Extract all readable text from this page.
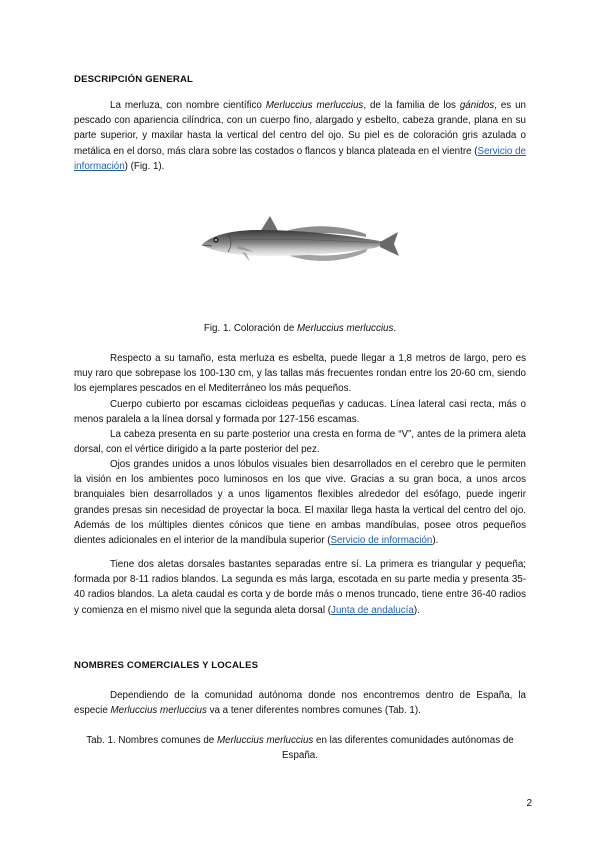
DESCRIPCIÓN GENERAL

La merluza, con nombre científico Merluccius merluccius, de la familia de los gánidos, es un pescado con apariencia cilíndrica, con un cuerpo fino, alargado y esbelto, cabeza grande, plana en su parte superior, y maxilar hasta la vertical del centro del ojo. Su piel es de coloración gris azulada o metálica en el dorso, más clara sobre las costados o flancos y blanca plateada en el vientre (Servicio de información) (Fig. 1).

Fig. 1. Coloración de Merluccius merluccius.

Respecto a su tamaño, esta merluza es esbelta, puede llegar a 1,8 metros de largo, pero es muy raro que sobrepase los 100-130 cm, y las tallas más frecuentes rondan entre los 20-60 cm, siendo los ejemplares pescados en el Mediterráneo los más pequeños.

Cuerpo cubierto por escamas cicloideas pequeñas y caducas. Línea lateral casi recta, más o menos paralela a la línea dorsal y formada por 127-156 escamas.

La cabeza presenta en su parte posterior una cresta en forma de “V”, antes de la primera aleta dorsal, con el vértice dirigido a la parte posterior del pez.

Ojos grandes unidos a unos lóbulos visuales bien desarrollados en el cerebro que le permiten la visión en los ambientes poco luminosos en los que vive. Gracias a su gran boca, a unos arcos branquiales bien desarrollados y a unos ligamentos flexibles alrededor del esófago, puede ingerir grandes presas sin necesidad de proyectar la boca. El maxilar llega hasta la vertical del centro del ojo. Además de los múltiples dientes cónicos que tiene en ambas mandíbulas, posee otros pequeños dientes adicionales en el interior de la mandíbula superior (Servicio de información).

Tiene dos aletas dorsales bastantes separadas entre sí. La primera es triangular y pequeña; formada por 8-11 radios blandos. La segunda es más larga, escotada en su parte media y presenta 35-40 radios blandos. La aleta caudal es corta y de borde más o menos truncado, tiene entre 36-40 radios y comienza en el mismo nivel que la segunda aleta dorsal (Junta de andalucía).

NOMBRES COMERCIALES Y LOCALES

Dependiendo de la comunidad autónoma donde nos encontremos dentro de España, la especie Merluccius merluccius va a tener diferentes nombres comunes (Tab. 1).

Tab. 1. Nombres comunes de Merluccius merluccius en las diferentes comunidades autónomas de España.

2
